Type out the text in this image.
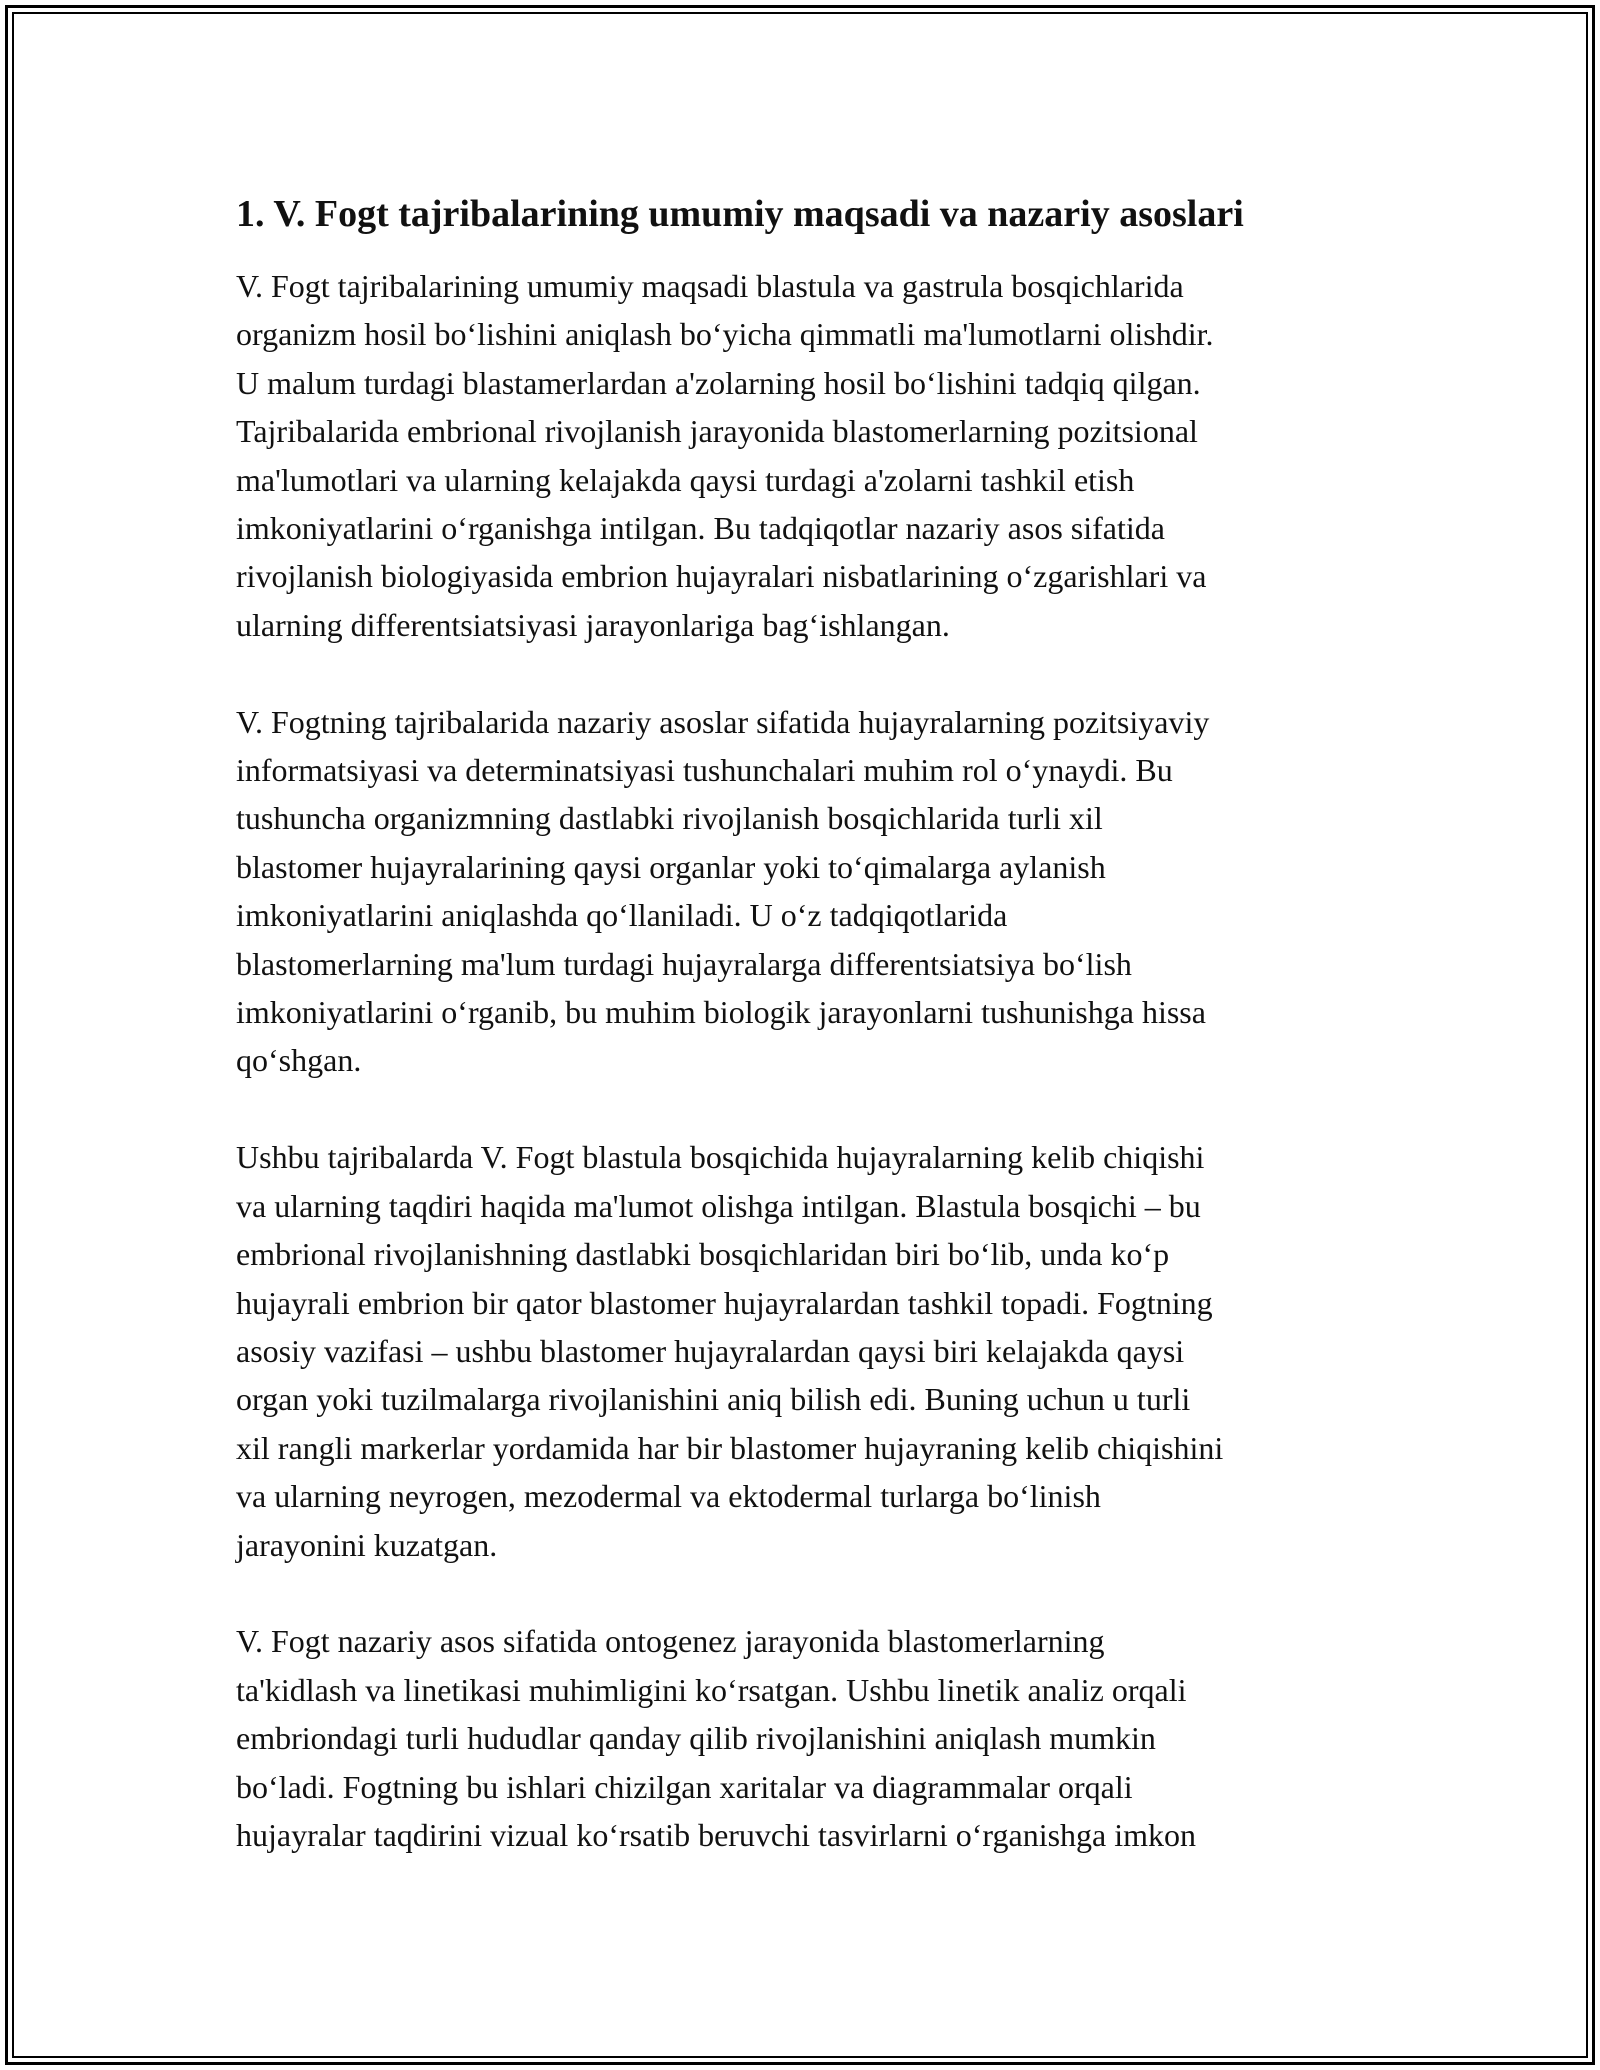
1. V. Fogt tajribalarining umumiy maqsadi va nazariy asoslari

V. Fogt tajribalarining umumiy maqsadi blastula va gastrula bosqichlarida
organizm hosil bo‘lishini aniqlash bo‘yicha qimmatli ma'lumotlarni olishdir.
U malum turdagi blastamerlardan a'zolarning hosil bo‘lishini tadqiq qilgan.
Tajribalarida embrional rivojlanish jarayonida blastomerlarning pozitsional
ma'lumotlari va ularning kelajakda qaysi turdagi a'zolarni tashkil etish
imkoniyatlarini o‘rganishga intilgan. Bu tadqiqotlar nazariy asos sifatida
rivojlanish biologiyasida embrion hujayralari nisbatlarining o‘zgarishlari va
ularning differentsiatsiyasi jarayonlariga bag‘ishlangan.

V. Fogtning tajribalarida nazariy asoslar sifatida hujayralarning pozitsiyaviy
informatsiyasi va determinatsiyasi tushunchalari muhim rol o‘ynaydi. Bu
tushuncha organizmning dastlabki rivojlanish bosqichlarida turli xil
blastomer hujayralarining qaysi organlar yoki to‘qimalarga aylanish
imkoniyatlarini aniqlashda qo‘llaniladi. U o‘z tadqiqotlarida
blastomerlarning ma'lum turdagi hujayralarga differentsiatsiya bo‘lish
imkoniyatlarini o‘rganib, bu muhim biologik jarayonlarni tushunishga hissa
qo‘shgan.

Ushbu tajribalarda V. Fogt blastula bosqichida hujayralarning kelib chiqishi
va ularning taqdiri haqida ma'lumot olishga intilgan. Blastula bosqichi – bu
embrional rivojlanishning dastlabki bosqichlaridan biri bo‘lib, unda ko‘p
hujayrali embrion bir qator blastomer hujayralardan tashkil topadi. Fogtning
asosiy vazifasi – ushbu blastomer hujayralardan qaysi biri kelajakda qaysi
organ yoki tuzilmalarga rivojlanishini aniq bilish edi. Buning uchun u turli
xil rangli markerlar yordamida har bir blastomer hujayraning kelib chiqishini
va ularning neyrogen, mezodermal va ektodermal turlarga bo‘linish
jarayonini kuzatgan.

V. Fogt nazariy asos sifatida ontogenez jarayonida blastomerlarning
ta'kidlash va linetikasi muhimligini ko‘rsatgan. Ushbu linetik analiz orqali
embriondagi turli hududlar qanday qilib rivojlanishini aniqlash mumkin
bo‘ladi. Fogtning bu ishlari chizilgan xaritalar va diagrammalar orqali
hujayralar taqdirini vizual ko‘rsatib beruvchi tasvirlarni o‘rganishga imkon
